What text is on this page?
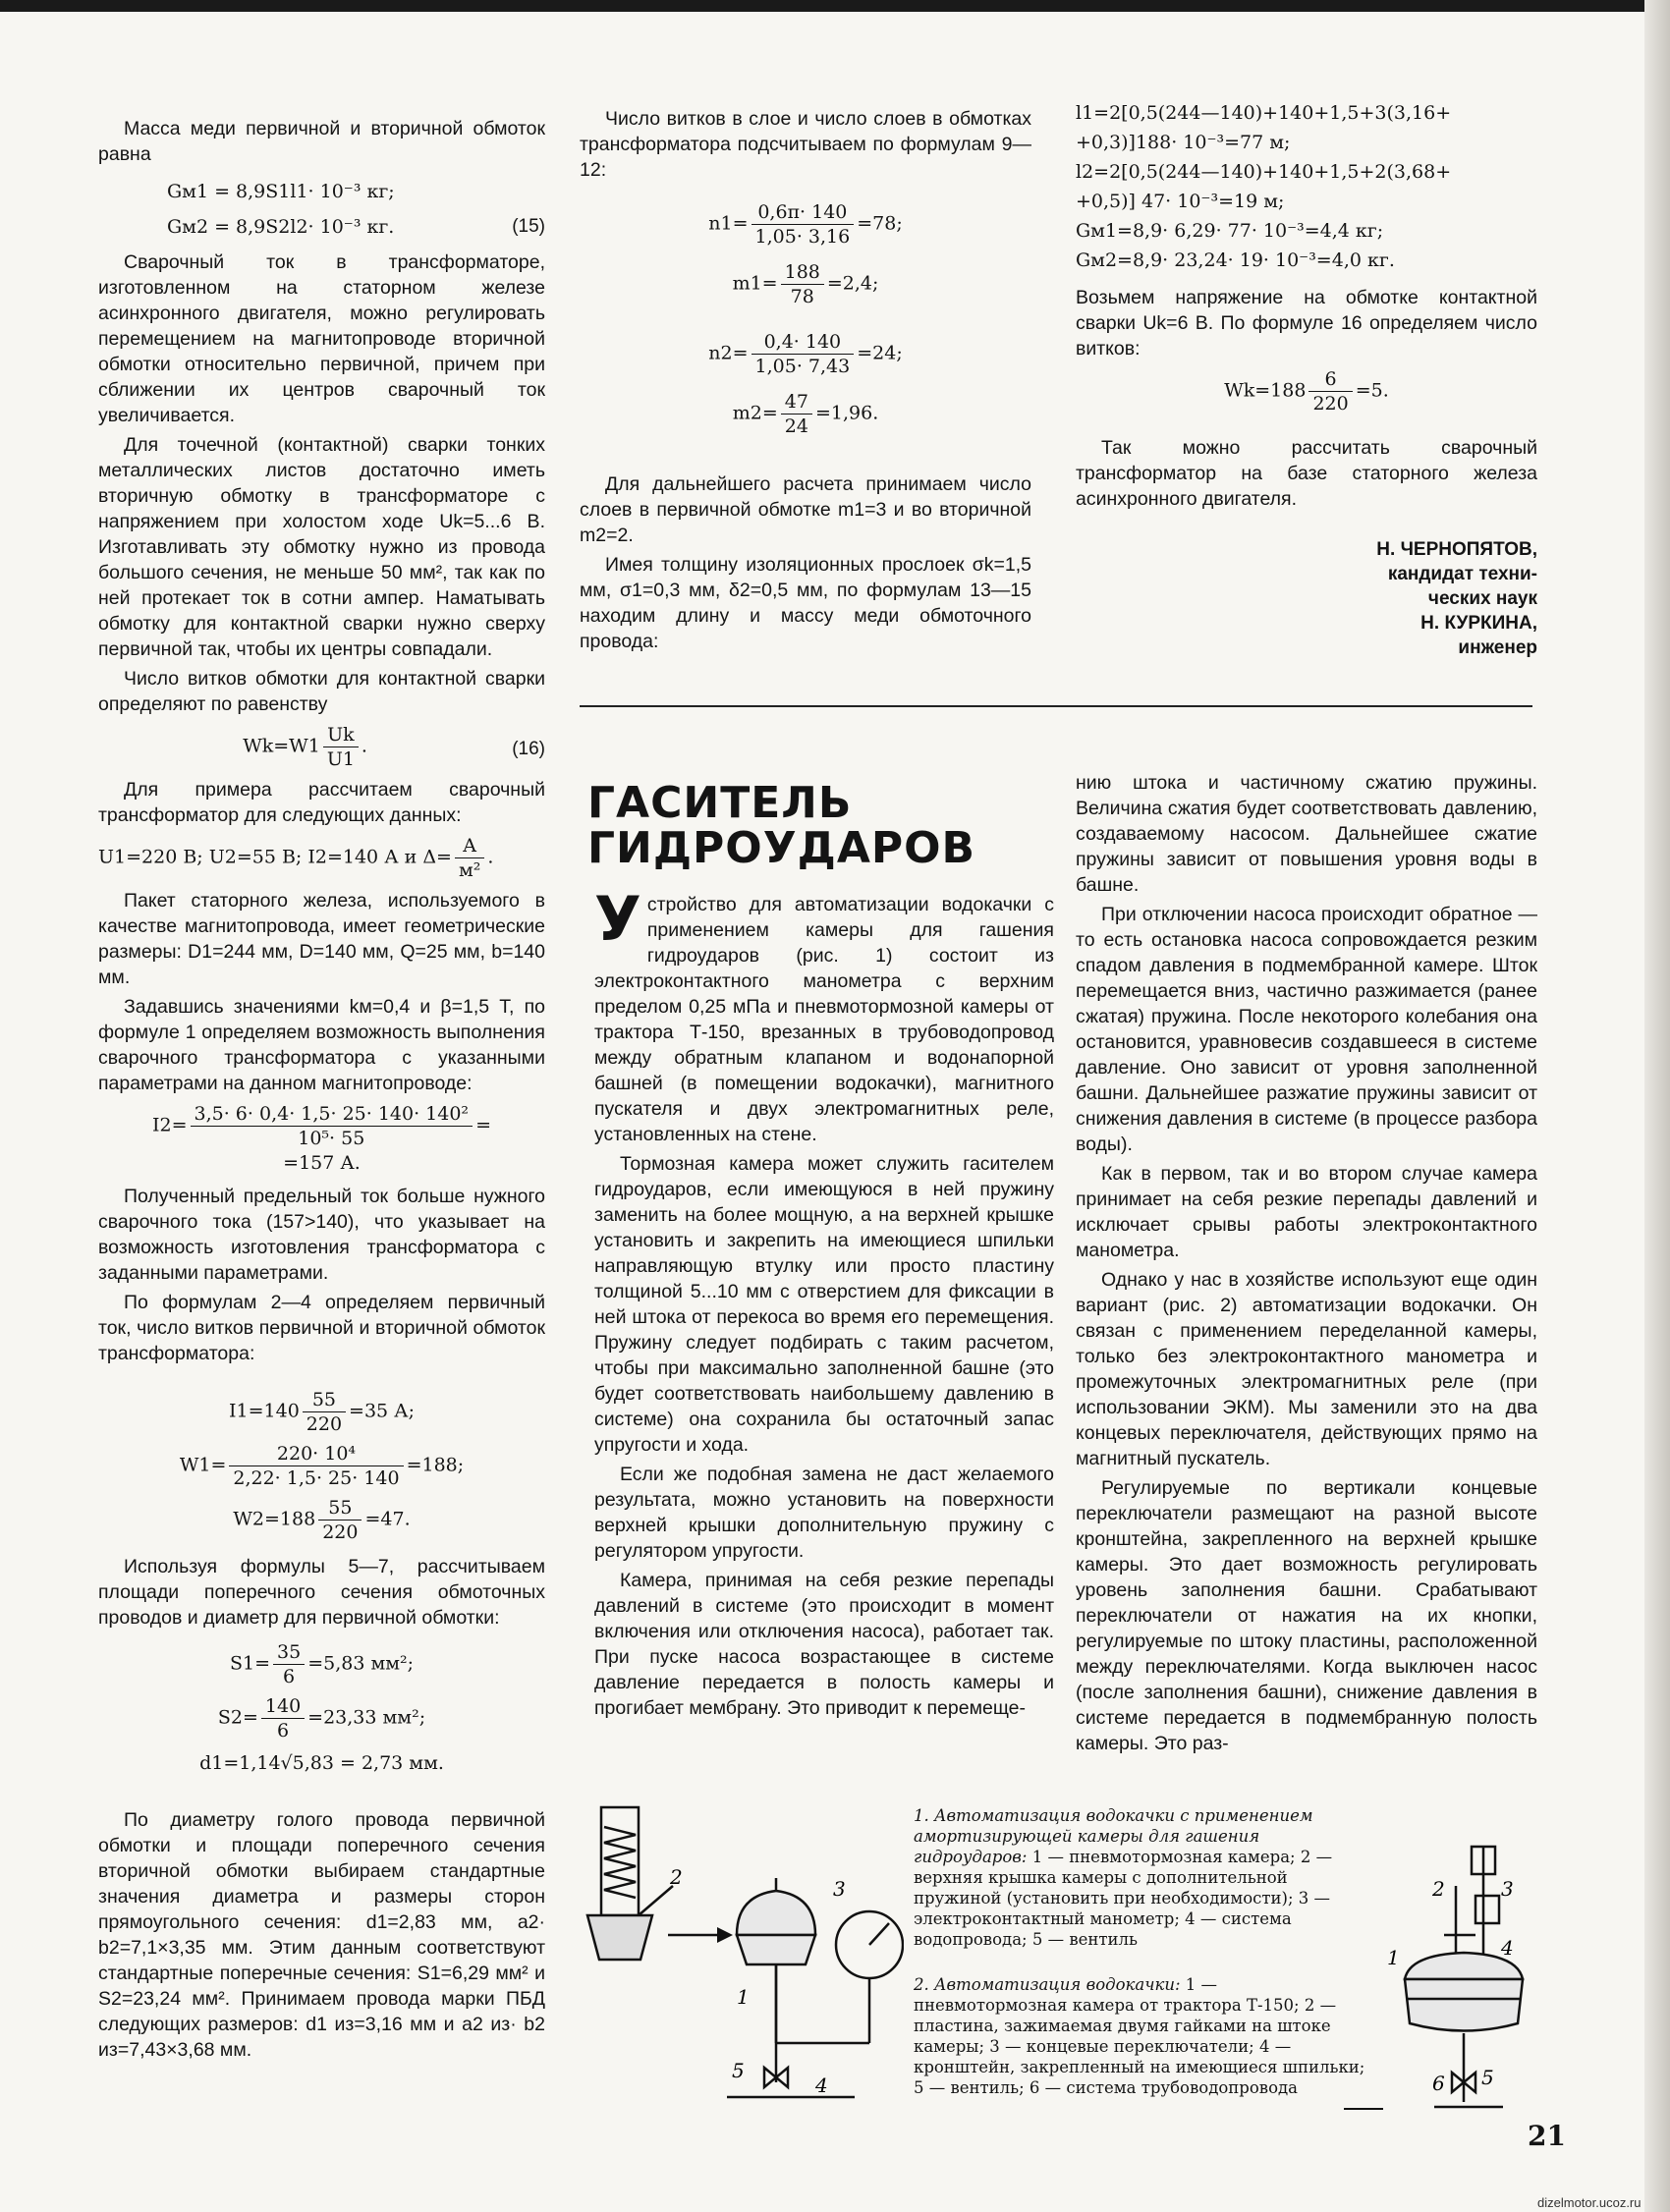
Масса меди первичной и вторичной обмоток равна

Gм1 = 8,9S1l1· 10⁻³ кг;
Gм2 = 8,9S2l2· 10⁻³ кг.	(15)

Сварочный ток в трансформаторе, изготовленном на статорном железе асинхронного двигателя, можно регулировать перемещением на магнитопроводе вторичной обмотки относительно первичной, причем при сближении их центров сварочный ток увеличивается.

Для точечной (контактной) сварки тонких металлических листов достаточно иметь вторичную обмотку в трансформаторе с напряжением при холостом ходе Uk=5...6 В. Изготавливать эту обмотку нужно из провода большого сечения, не меньше 50 мм², так как по ней протекает ток в сотни ампер. Наматывать обмотку для контактной сварки нужно сверху первичной так, чтобы их центры совпадали.

Число витков обмотки для контактной сварки определяют по равенству

$Wk=W1 \frac{Uk}{U1}$ .	(16)

Для примера рассчитаем сварочный трансформатор для следующих данных:

U1=220 В; U2=55 В; I2=140 А и $\Delta= \frac{A}{\text{м²}}$ .

Пакет статорного железа, используемого в качестве магнитопровода, имеет геометрические размеры: D1=244 мм, D=140 мм, Q=25 мм, b=140 мм.

Задавшись значениями kм=0,4 и β=1,5 Т, по формуле 1 определяем возможность выполнения сварочного трансформатора с указанными параметрами на данном магнитопроводе:

$I2= \frac{\text{3,5· 6· 0,4· 1,5· 25· 140· 140²}}{\text{10⁵· 55}}$ =
=157 А.

Полученный предельный ток больше нужного сварочного тока (157>140), что указывает на возможность изготовления трансформатора с заданными параметрами.

По формулам 2—4 определяем первичный ток, число витков первичной и вторичной обмоток трансформатора:

$I1=140 \frac{55}{220} =35$ А;
$W1= \frac{\text{220· 10⁴}}{2,22\cdot 1,5\cdot 25\cdot 140} =188$;
$W2=188 \frac{55}{220} =47$.

Используя формулы 5—7, рассчитываем площади поперечного сечения обмоточных проводов и диаметр для первичной обмотки:

$S1= \frac{35}{6} =5,83$ мм²;
$S2= \frac{140}{6} =23,33$ мм²;
d1=1,14√5,83 = 2,73 мм.

По диаметру голого провода первичной обмотки и площади поперечного сечения вторичной обмотки выбираем стандартные значения диаметра и размеры сторон прямоугольного сечения: d1=2,83 мм, a2· b2=7,1×3,35 мм. Этим данным соответствуют стандартные поперечные сечения: S1=6,29 мм² и S2=23,24 мм². Принимаем провода марки ПБД следующих размеров: d1 из=3,16 мм и a2 из· b2 из=7,43×3,68 мм.

Число витков в слое и число слоев в обмотках трансформатора подсчитываем по формулам 9—12:

$n1= \frac{0,6\pi\cdot 140}{1,05\cdot 3,16} =78$;
$m1= \frac{188}{78} =2,4$;
$n2= \frac{0,4\cdot 140}{1,05\cdot 7,43} =24$;
$m2= \frac{47}{24} =1,96$.

Для дальнейшего расчета принимаем число слоев в первичной обмотке m1=3 и во вторичной m2=2.

Имея толщину изоляционных прослоек σk=1,5 мм, σ1=0,3 мм, δ2=0,5 мм, по формулам 13—15 находим длину и массу меди обмоточного провода:

l1=2[0,5(244—140)+140+1,5+3(3,16+
+0,3)]188· 10⁻³=77 м;
l2=2[0,5(244—140)+140+1,5+2(3,68+
+0,5)] 47· 10⁻³=19 м;
Gм1=8,9· 6,29· 77· 10⁻³=4,4 кг;
Gм2=8,9· 23,24· 19· 10⁻³=4,0 кг.

Возьмем напряжение на обмотке контактной сварки Uk=6 В. По формуле 16 определяем число витков:

$Wk=188 \frac{6}{220} =5$.

Так можно рассчитать сварочный трансформатор на базе статорного железа асинхронного двигателя.

Н. ЧЕРНОПЯТОВ,
кандидат техни-
ческих наук
Н. КУРКИНА,
инженер
ГАСИТЕЛЬ
ГИДРОУДАРОВ

Устройство для автоматизации водокачки с применением камеры для гашения гидроударов (рис. 1) состоит из электроконтактного манометра с верхним пределом 0,25 мПа и пневмотормозной камеры от трактора Т-150, врезанных в трубоводопровод между обратным клапаном и водонапорной башней (в помещении водокачки), магнитного пускателя и двух электромагнитных реле, установленных на стене.

Тормозная камера может служить гасителем гидроударов, если имеющуюся в ней пружину заменить на более мощную, а на верхней крышке установить и закрепить на имеющиеся шпильки направляющую втулку или просто пластину толщиной 5...10 мм с отверстием для фиксации в ней штока от перекоса во время его перемещения. Пружину следует подбирать с таким расчетом, чтобы при максимально заполненной башне (это будет соответствовать наибольшему давлению в системе) она сохранила бы остаточный запас упругости и хода.

Если же подобная замена не даст желаемого результата, можно установить на поверхности верхней крышки дополнительную пружину с регулятором упругости.

Камера, принимая на себя резкие перепады давлений в системе (это происходит в момент включения или отключения насоса), работает так. При пуске насоса возрастающее в системе давление передается в полость камеры и прогибает мембрану. Это приводит к перемеще-

нию штока и частичному сжатию пружины. Величина сжатия будет соответствовать давлению, создаваемому насосом. Дальнейшее сжатие пружины зависит от повышения уровня воды в башне.

При отключении насоса происходит обратное — то есть остановка насоса сопровождается резким спадом давления в подмембранной камере. Шток перемещается вниз, частично разжимается (ранее сжатая) пружина. После некоторого колебания она остановится, уравновесив создавшееся в системе давление. Оно зависит от уровня заполненной башни. Дальнейшее разжатие пружины зависит от снижения давления в системе (в процессе разбора воды).

Как в первом, так и во втором случае камера принимает на себя резкие перепады давлений и исключает срывы работы электроконтактного манометра.

Однако у нас в хозяйстве используют еще один вариант (рис. 2) автоматизации водокачки. Он связан с применением переделанной камеры, только без электроконтактного манометра и промежуточных электромагнитных реле (при использовании ЭКМ). Мы заменили это на два концевых переключателя, действующих прямо на магнитный пускатель.

Регулируемые по вертикали концевые переключатели размещают на разной высоте кронштейна, закрепленного на верхней крышке камеры. Это дает возможность регулировать уровень заполнения башни. Срабатывают переключатели от нажатия на их кнопки, регулируемые по штоку пластины, расположенной между переключателями. Когда выключен насос (после заполнения башни), снижение давления в системе передается в подмембранную полость камеры. Это раз-

1
2	3
4
5
1. Автоматизация водокачки с применением амортизирующей камеры для гашения гидроударов: 1 — пневмотормозная камера; 2 — верхняя крышка камеры с дополнительной пружиной (установить при необходимости); 3 — электроконтактный манометр; 4 — система водопровода; 5 — вентиль
2. Автоматизация водокачки: 1 — пневмотормозная камера от трактора Т-150; 2 — пластина, зажимаемая двумя гайками на штоке камеры; 3 — концевые переключатели; 4 — кронштейн, закрепленный на имеющиеся шпильки; 5 — вентиль; 6 — система трубоводопровода
1
2	3
4
5
6
21
dizelmotor.ucoz.ru
